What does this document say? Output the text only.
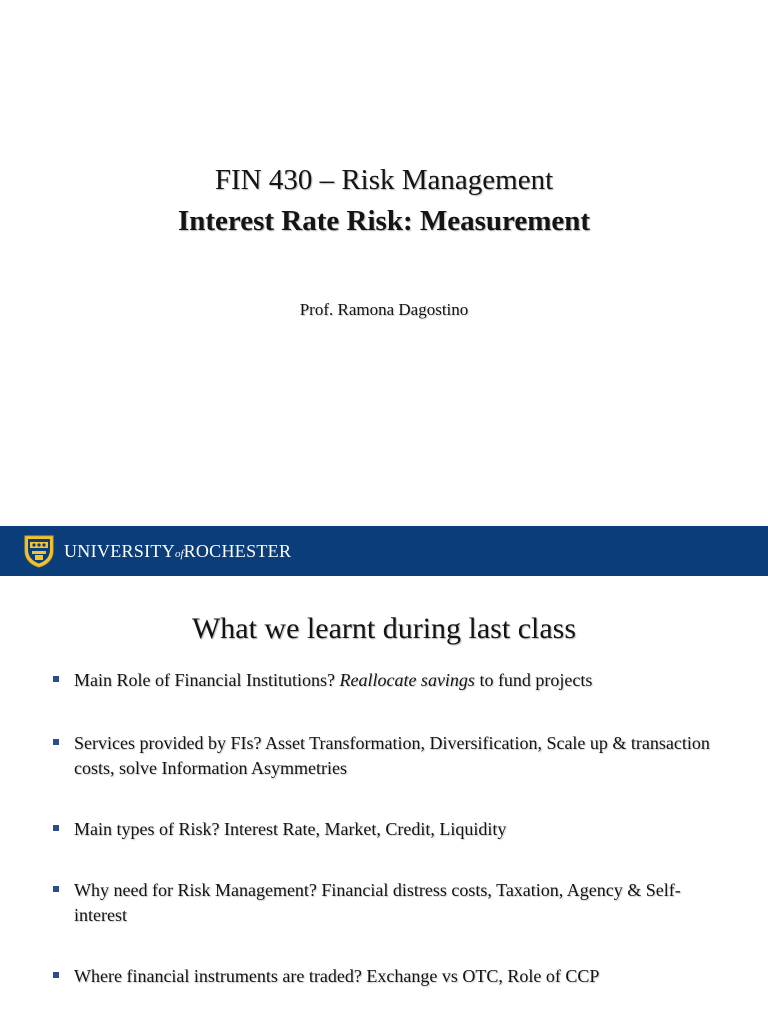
FIN 430 – Risk Management
Interest Rate Risk: Measurement
Prof. Ramona Dagostino
UNIVERSITYofROCHESTER
What we learnt during last class
Main Role of Financial Institutions? Reallocate savings to fund projects
Services provided by FIs? Asset Transformation, Diversification, Scale up & transaction costs, solve Information Asymmetries
Main types of Risk? Interest Rate, Market, Credit, Liquidity
Why need for Risk Management? Financial distress costs, Taxation, Agency & Self-interest
Where financial instruments are traded? Exchange vs OTC, Role of CCP
